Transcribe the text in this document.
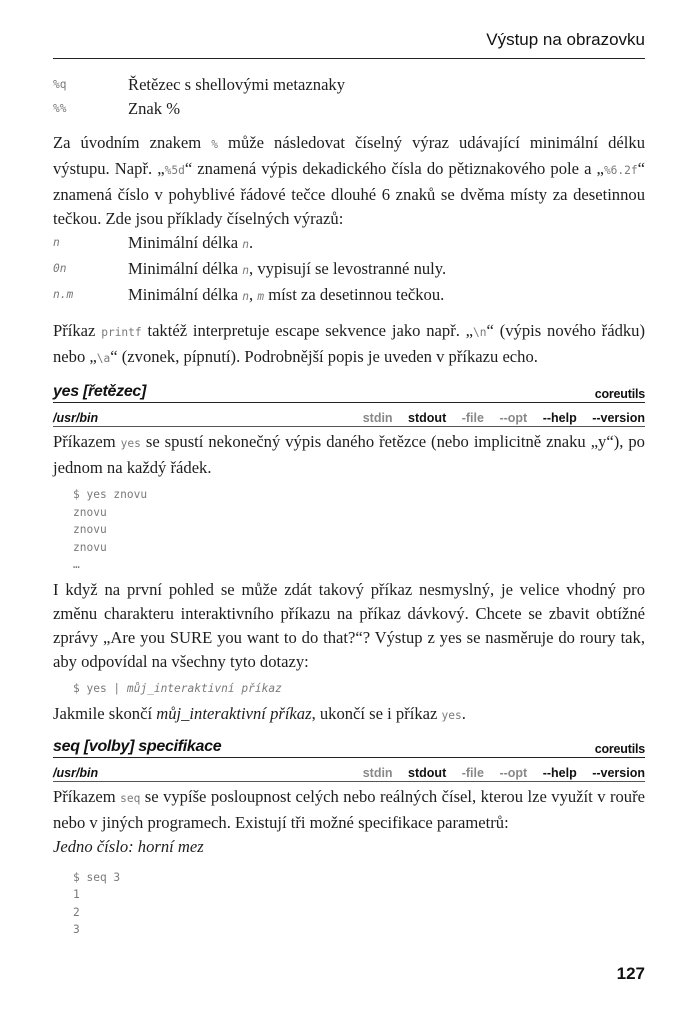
Výstup na obrazovku
%q	Řetězec s shellovými metaznaky
%%	Znak %

Za úvodním znakem % může následovat číselný výraz udávající minimální délku výstupu. Např. „%5d“ znamená výpis dekadického čísla do pětiznakového pole a „%6.2f“ znamená číslo v pohyblivé řádové tečce dlouhé 6 znaků se dvěma místy za desetinnou tečkou. Zde jsou příklady číselných výrazů:

n	Minimální délka n.
0n	Minimální délka n, vypisují se levostranné nuly.
n.m	Minimální délka n, m míst za desetinnou tečkou.

Příkaz printf taktéž interpretuje escape sekvence jako např. „\n“ (výpis nového řádku) nebo „\a“ (zvonek, pípnutí). Podrobnější popis je uveden v příkazu echo.

yes [řetězec]	coreutils
/usr/bin	stdin stdout -file --opt --help --version

Příkazem yes se spustí nekonečný výpis daného řetězce (nebo implicitně znaku „y“), po jednom na každý řádek.

$ yes znovu
znovu
znovu
znovu
…

I když na první pohled se může zdát takový příkaz nesmyslný, je velice vhodný pro změnu charakteru interaktivního příkazu na příkaz dávkový. Chcete se zbavit obtížné zprávy „Are you SURE you want to do that?“? Výstup z yes se nasměruje do roury tak, aby odpovídal na všechny tyto dotazy:

$ yes | můj_interaktivní příkaz

Jakmile skončí můj_interaktivní příkaz, ukončí se i příkaz yes.

seq [volby] specifikace	coreutils
/usr/bin	stdin stdout -file --opt --help --version

Příkazem seq se vypíše posloupnost celých nebo reálných čísel, kterou lze využít v rouře nebo v jiných programech. Existují tři možné specifikace parametrů:

Jedno číslo: horní mez

$ seq 3
1
2
3
127
